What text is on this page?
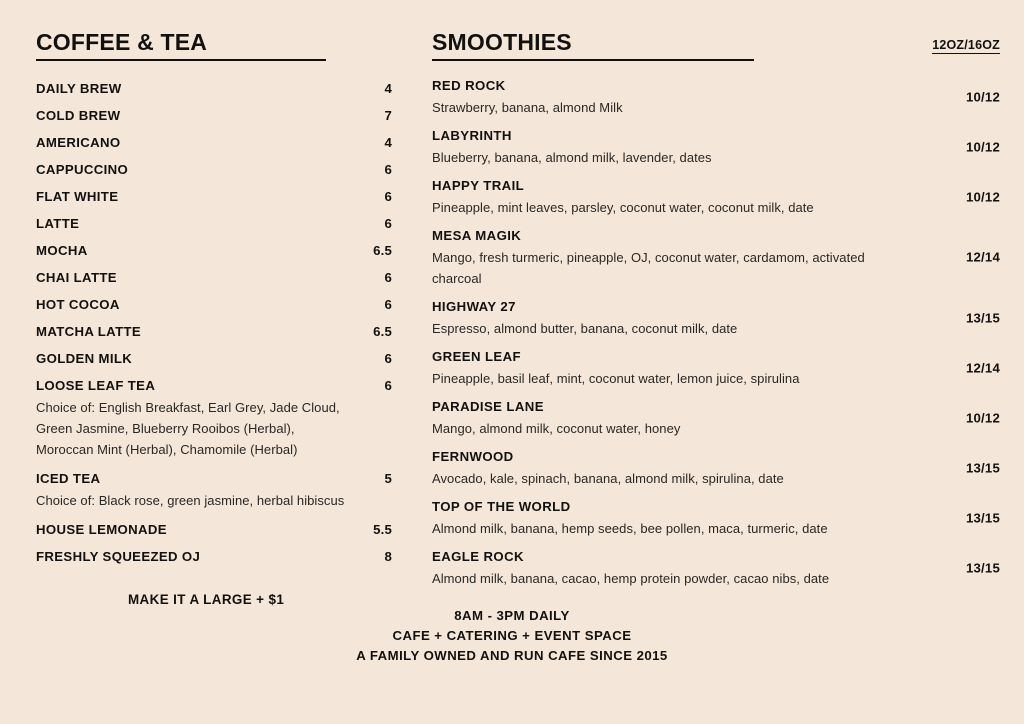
COFFEE & TEA
DAILY BREW	4
COLD BREW	7
AMERICANO	4
CAPPUCCINO	6
FLAT WHITE	6
LATTE	6
MOCHA	6.5
CHAI LATTE	6
HOT COCOA	6
MATCHA LATTE	6.5
GOLDEN MILK	6
LOOSE LEAF TEA	6
Choice of: English Breakfast, Earl Grey, Jade Cloud,
Green Jasmine, Blueberry Rooibos (Herbal),
Moroccan Mint (Herbal), Chamomile (Herbal)
ICED TEA	5
Choice of: Black rose, green jasmine, herbal hibiscus
HOUSE LEMONADE	5.5
FRESHLY SQUEEZED OJ	8
MAKE IT A LARGE + $1
SMOOTHIES	12OZ/16OZ
RED ROCK
Strawberry, banana, almond Milk
10/12
LABYRINTH
Blueberry, banana, almond milk, lavender, dates
10/12
HAPPY TRAIL
Pineapple, mint leaves, parsley, coconut water, coconut milk, date
10/12
MESA MAGIK
Mango, fresh turmeric, pineapple, OJ, coconut water, cardamom, activated charcoal
12/14
HIGHWAY 27
Espresso, almond butter, banana, coconut milk, date
13/15
GREEN LEAF
Pineapple, basil leaf, mint, coconut water, lemon juice, spirulina
12/14
PARADISE LANE
Mango, almond milk, coconut water, honey
10/12
FERNWOOD
Avocado, kale, spinach, banana, almond milk, spirulina, date
13/15
TOP OF THE WORLD
Almond milk, banana, hemp seeds, bee pollen, maca, turmeric, date
13/15
EAGLE ROCK
Almond milk, banana, cacao, hemp protein powder, cacao nibs, date
13/15
8AM - 3PM DAILY
CAFE + CATERING + EVENT SPACE
A FAMILY OWNED AND RUN CAFE SINCE 2015
